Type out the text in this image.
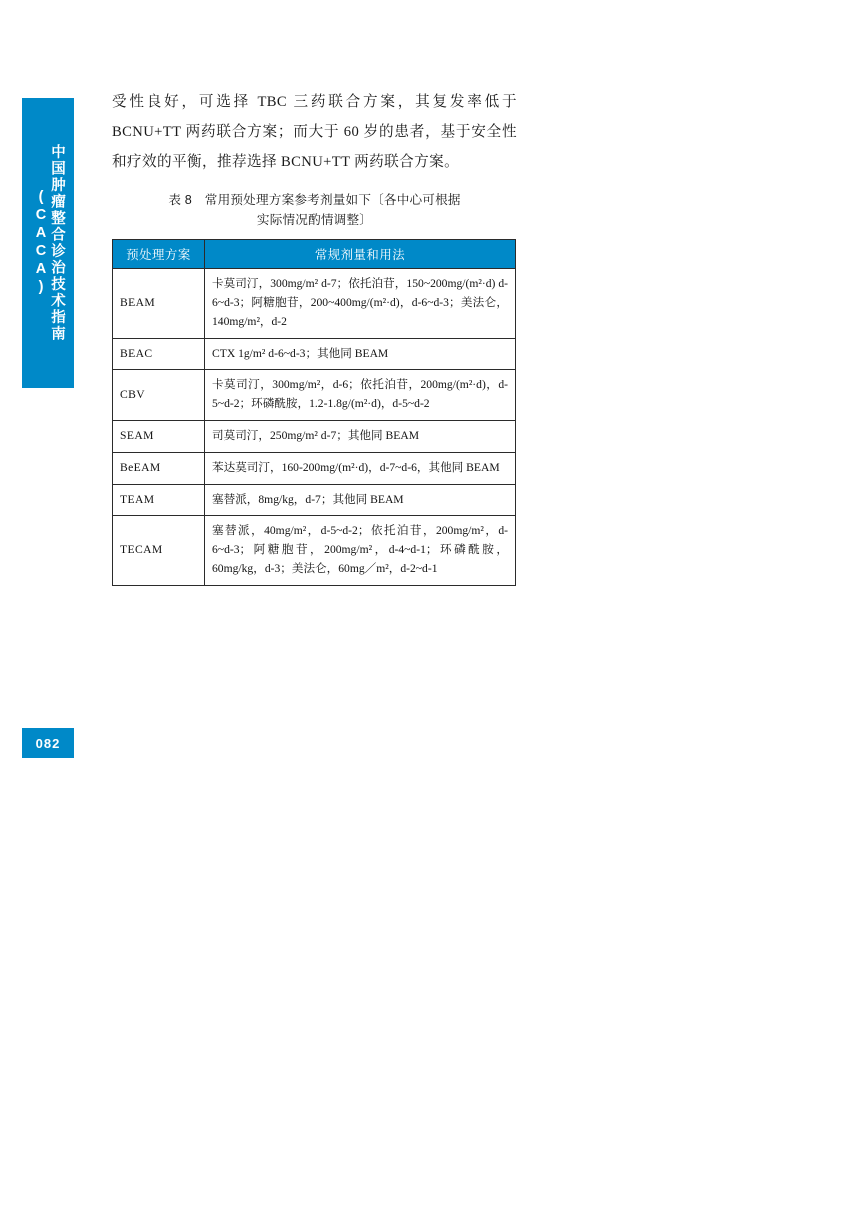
中国肿瘤整合诊治技术指南(CACA)
082

受性良好，可选择 TBC 三药联合方案，其复发率低于 BCNU+TT 两药联合方案；而大于 60 岁的患者，基于安全性和疗效的平衡，推荐选择 BCNU+TT 两药联合方案。

表 8　常用预处理方案参考剂量如下〔各中心可根据
实际情况酌情调整〕
预处理方案	常规剂量和用法
BEAM	卡莫司汀，300mg/m² d-7；依托泊苷，150~200mg/(m²·d) d-6~d-3；阿糖胞苷，200~400mg/(m²·d)，d-6~d-3；美法仑，140mg/m²，d-2
BEAC	CTX 1g/m² d-6~d-3；其他同 BEAM
CBV	卡莫司汀，300mg/m²，d-6；依托泊苷，200mg/(m²·d)，d-5~d-2；环磷酰胺，1.2-1.8g/(m²·d)，d-5~d-2
SEAM	司莫司汀，250mg/m² d-7；其他同 BEAM
BeEAM	苯达莫司汀，160-200mg/(m²·d)，d-7~d-6，其他同 BEAM
TEAM	塞替派，8mg/kg，d-7；其他同 BEAM
TECAM	塞替派，40mg/m²，d-5~d-2；依托泊苷，200mg/m²，d-6~d-3；阿糖胞苷，200mg/m²，d-4~d-1；环磷酰胺，60mg/kg，d-3；美法仑，60mg／m²，d-2~d-1
